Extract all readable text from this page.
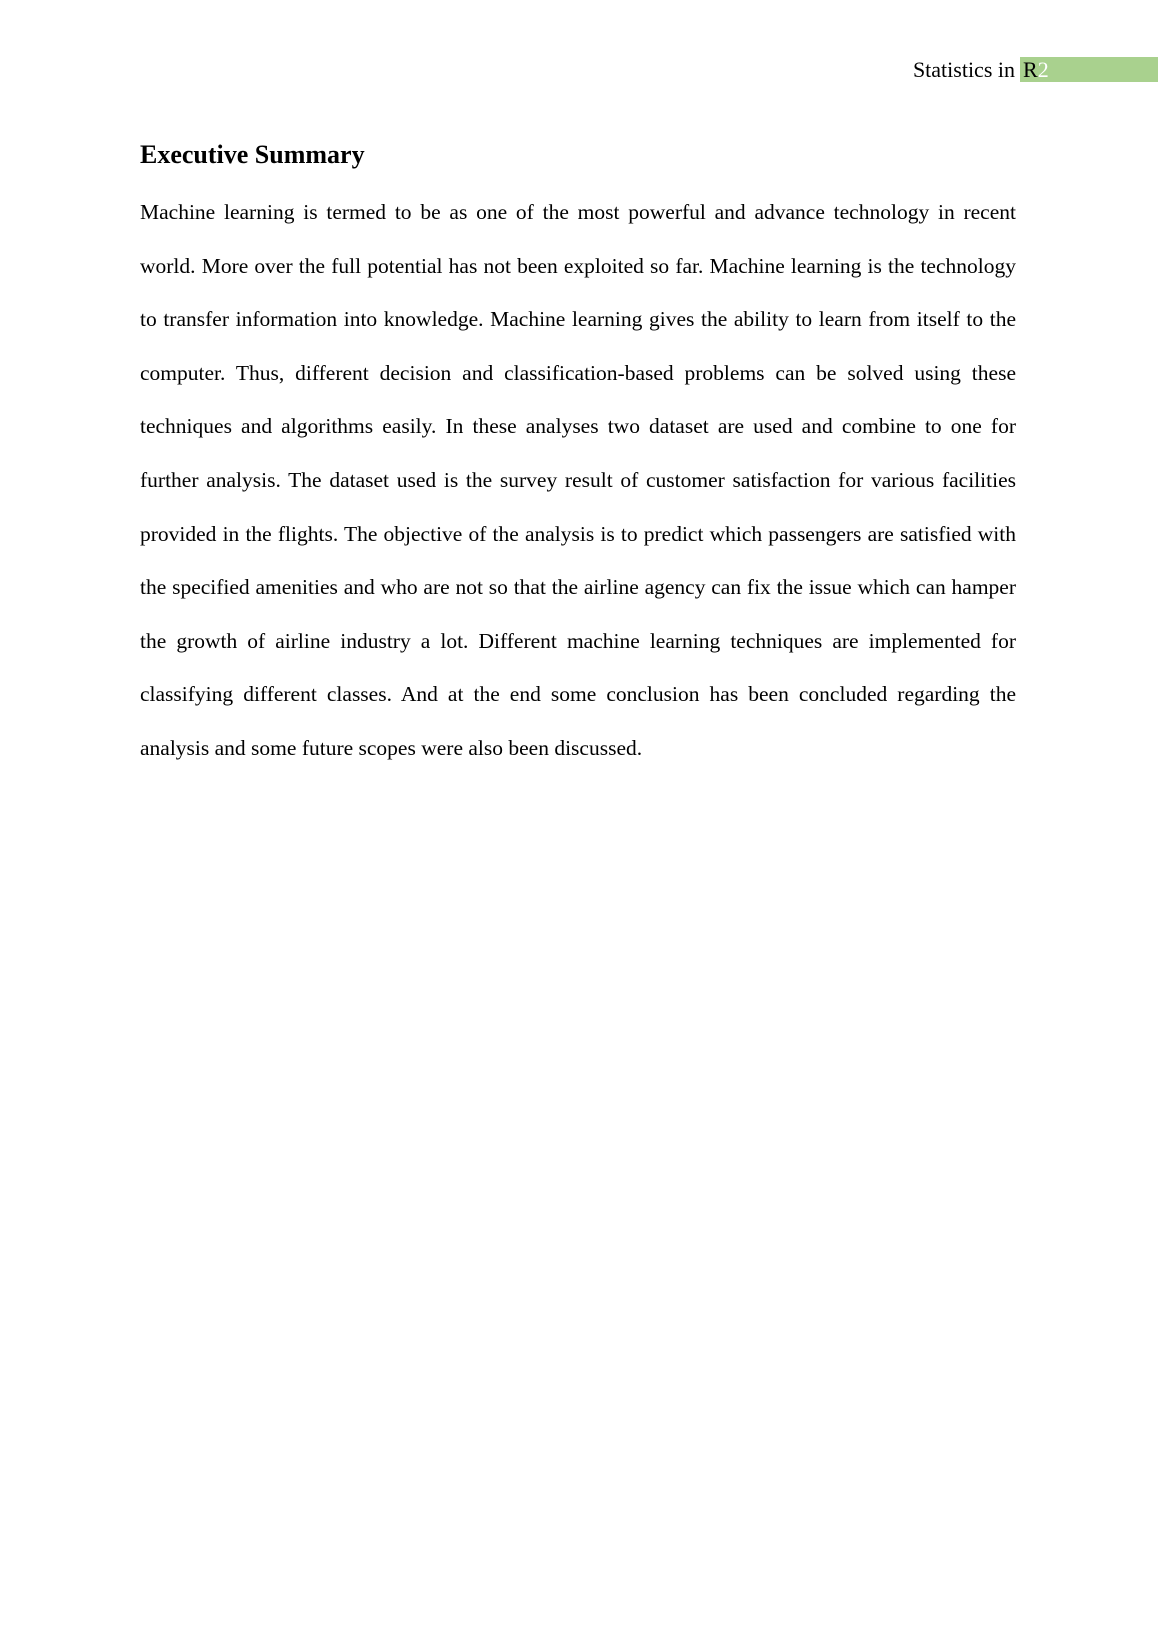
Statistics in R 2
Executive Summary

Machine learning is termed to be as one of the most powerful and advance technology in recent world. More over the full potential has not been exploited so far. Machine learning is the technology to transfer information into knowledge. Machine learning gives the ability to learn from itself to the computer. Thus, different decision and classification-based problems can be solved using these techniques and algorithms easily. In these analyses two dataset are used and combine to one for further analysis. The dataset used is the survey result of customer satisfaction for various facilities provided in the flights. The objective of the analysis is to predict which passengers are satisfied with the specified amenities and who are not so that the airline agency can fix the issue which can hamper the growth of airline industry a lot. Different machine learning techniques are implemented for classifying different classes. And at the end some conclusion has been concluded regarding the analysis and some future scopes were also been discussed.
